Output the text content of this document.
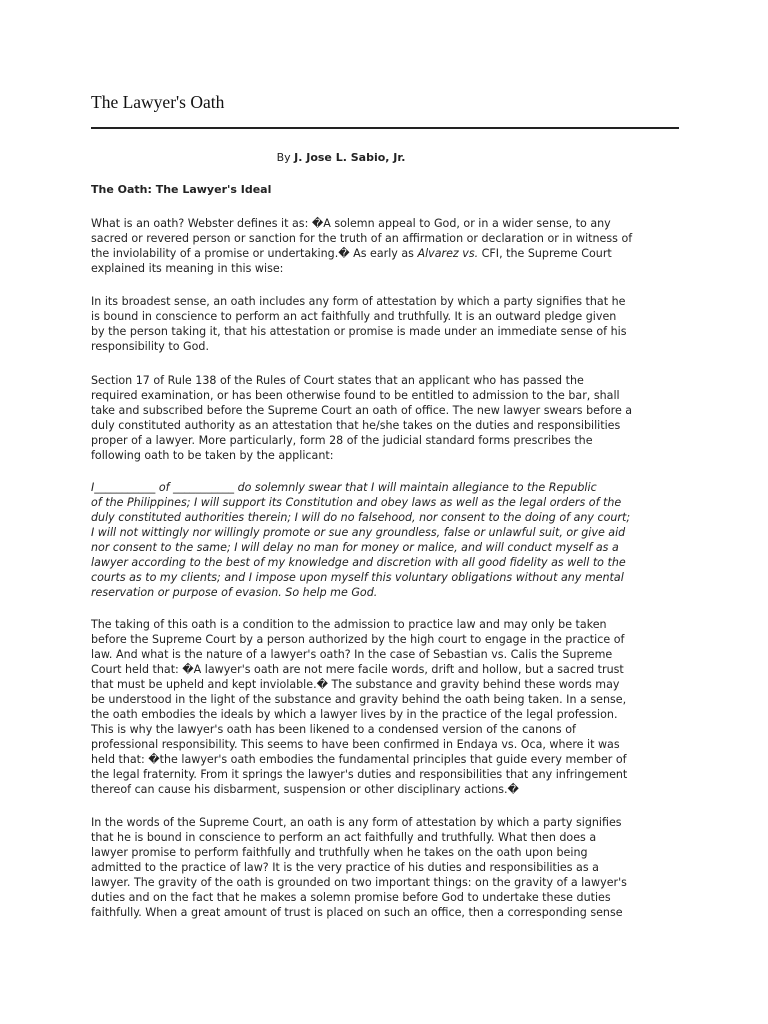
The Lawyer's Oath
By J. Jose L. Sabio, Jr.
The Oath: The Lawyer's Ideal
What is an oath? Webster defines it as: �A solemn appeal to God, or in a wider sense, to any
sacred or revered person or sanction for the truth of an affirmation or declaration or in witness of
the inviolability of a promise or undertaking.� As early as Alvarez vs. CFI, the Supreme Court
explained its meaning in this wise:
In its broadest sense, an oath includes any form of attestation by which a party signifies that he
is bound in conscience to perform an act faithfully and truthfully. It is an outward pledge given
by the person taking it, that his attestation or promise is made under an immediate sense of his
responsibility to God.
Section 17 of Rule 138 of the Rules of Court states that an applicant who has passed the
required examination, or has been otherwise found to be entitled to admission to the bar, shall
take and subscribed before the Supreme Court an oath of office. The new lawyer swears before a
duly constituted authority as an attestation that he/she takes on the duties and responsibilities
proper of a lawyer. More particularly, form 28 of the judicial standard forms prescribes the
following oath to be taken by the applicant:
I___________ of ___________ do solemnly swear that I will maintain allegiance to the Republic
of the Philippines; I will support its Constitution and obey laws as well as the legal orders of the
duly constituted authorities therein; I will do no falsehood, nor consent to the doing of any court;
I will not wittingly nor willingly promote or sue any groundless, false or unlawful suit, or give aid
nor consent to the same; I will delay no man for money or malice, and will conduct myself as a
lawyer according to the best of my knowledge and discretion with all good fidelity as well to the
courts as to my clients; and I impose upon myself this voluntary obligations without any mental
reservation or purpose of evasion. So help me God.
The taking of this oath is a condition to the admission to practice law and may only be taken
before the Supreme Court by a person authorized by the high court to engage in the practice of
law. And what is the nature of a lawyer's oath? In the case of Sebastian vs. Calis the Supreme
Court held that: �A lawyer's oath are not mere facile words, drift and hollow, but a sacred trust
that must be upheld and kept inviolable.� The substance and gravity behind these words may
be understood in the light of the substance and gravity behind the oath being taken. In a sense,
the oath embodies the ideals by which a lawyer lives by in the practice of the legal profession.
This is why the lawyer's oath has been likened to a condensed version of the canons of
professional responsibility. This seems to have been confirmed in Endaya vs. Oca, where it was
held that: �the lawyer's oath embodies the fundamental principles that guide every member of
the legal fraternity. From it springs the lawyer's duties and responsibilities that any infringement
thereof can cause his disbarment, suspension or other disciplinary actions.�
In the words of the Supreme Court, an oath is any form of attestation by which a party signifies
that he is bound in conscience to perform an act faithfully and truthfully. What then does a
lawyer promise to perform faithfully and truthfully when he takes on the oath upon being
admitted to the practice of law? It is the very practice of his duties and responsibilities as a
lawyer. The gravity of the oath is grounded on two important things: on the gravity of a lawyer's
duties and on the fact that he makes a solemn promise before God to undertake these duties
faithfully. When a great amount of trust is placed on such an office, then a corresponding sense
